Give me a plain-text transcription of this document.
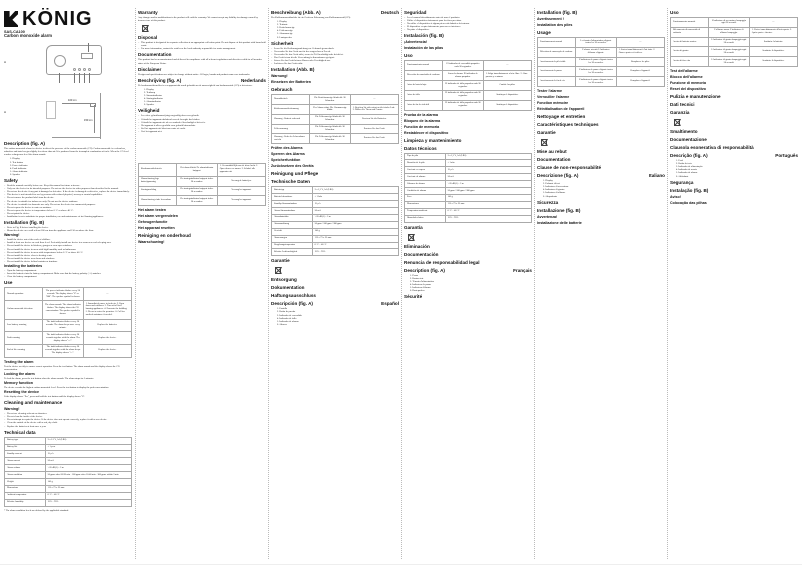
KÖNIG
SAS-CA100
Carbon monoxide alarm
A
A
100 cm
150 cm
Description (fig. A)

This carbon monoxide alarm is a device to detect the presence of the carbon monoxide (CO). Carbon monoxide is a colourless, odourless and tasteless gas slightly less dense than air. It is produced from the incomplete combustion of fuels. When the CO level reaches a dangerous level the alarm sounds.

1. Display
2. Test button
3. Power indicator
4. Fault indicator
5. Alarm indicator
6. Speaker
Safety
– Read the manual carefully before use. Keep this manual for future reference.
– Only use the device for its intended purposes. Do not use the device for other purposes than described in the manual.
– Do not use the device if any part is damaged or defective. If the device is damaged or defective, replace the device immediately.
– This device is not intended for use by persons with reduced physical, sensory or mental capabilities.
– Do not remove the product label from the device.
– The device is suitable for indoor use only. Do not use the device outdoors.
– The device is suitable for domestic use only. Do not use the device for commercial purposes.
– Do not expose the device to water or moisture.
– Do not expose the device to temperatures below 0 °C or above 40 °C.
– Do not paint the device.
– Installation is not a substitute for proper installation, use and maintenance of fuel burning appliances.
Installation (fig. B)
– Refer to Fig. B before installing the device.
– Mount the device on a wall at least 100 cm from the appliance and 150 cm above the floor.
Warning!
– Install the device out of the reach of children.
– Install at least one device on each floor level. Preferably install one device in a room near each sleeping area.
– Do not install the device in kitchens, garages or near open windows.
– Do not install the device in areas with high humidity such as bathrooms.
– Do not install the device in areas with temperatures below 0 °C or above 40 °C.
– Do not install the device close to heating vents.
– Do not install the device near doors and windows.
– Do not install the device behind curtains or furniture.
Installing the batteries
– Open the battery compartment.
– Insert the batteries into the battery compartment. Make sure that the battery polarity (+/-) matches.
– Close the battery compartment.
Use
Normal operation	The power indicator flashes every 30 seconds. The display shows "0" or "000". The speaker symbol is shown.	—
Carbon monoxide detection	The alarm sounds. The alarm indicator flashes. The display shows the CO concentration. The speaker symbol is shown.	1. Immediately move to fresh air. 2. Open doors and windows. 3. Turn off all fuel burning appliances. 4. Evacuate the building. 5. Do not re-enter the premises. 6. Call for medical assistance if needed.
Low battery warning	The fault indicator flashes every 30 seconds. The alarm beeps once every minute.	Replace the batteries.
Fault warning	The fault indicator flashes every 30 seconds together with the alarm. The display shows "---".	Replace the device.
End of life warning	The fault indicator flashes every 30 seconds together with the alarm beeps. The display shows "---".	Replace the device.
Testing the alarm

Test the device weekly to ensure correct operation. Press the test button. The alarm sounds and the display shows the CO concentration.

Locking the alarm

To lock the alarm, press the test button when the alarm sounds. The alarm stops for 5 minutes.

Memory function

The device records the highest carbon monoxide level. Press the test button to display the peak concentration.

Resetting the device

If the display shows "Err", press and hold the test button until the display shows "0".

Cleaning and maintenance
Warning!
– Do not use cleaning solvents or abrasives.
– Do not clean the inside of the device.
– Do not attempt to repair the device. If the device does not operate correctly, replace it with a new device.
– Clean the outside of the device with a soft, dry cloth.
– Replace the batteries at least once a year.
Technical data
Battery type	3 x 1.5 V, AA (LR6)
Battery life	± 1 year
Standby current	15 µA
Alarm current	50 mA
Alarm volume	> 85 dB(A) · 3 m
Alarm condition	50 ppm: after 60-90 min · 100 ppm: after 10-40 min · 300 ppm: within 3 min
Weight	145 g
Dimensions	115 x 73 x 35 mm
Ambient temperature	0 °C – 40 °C
Relative humidity	15% – 95%

* The alarm condition levels are defined by the applicable standard.

Warranty

Any changes and/or modifications to the product will void the warranty. We cannot accept any liability for damage caused by incorrect use of this product.

Disposal
– This product is designated for separate collection at an appropriate collection point. Do not dispose of this product with household waste.
– For more information, contact the retailer or the local authority responsible for waste management.
Documentation

This product has been manufactured and delivered in compliance with all relevant regulations and directives valid for all member states of the European Union.

Disclaimer

Designs and specifications are subject to change without notice. All logos, brands and product names are trademarks.

Beschrijving (fig. A)	Nederlands

De koolmonoxidemelder is een apparaat dat wordt gebruikt om de aanwezigheid van koolmonoxide (CO) te detecteren.

1. Display
2. Testknop
3. Stroomindicator
4. Storingsindicator
5. Alarmindicator
6. Speaker
Veiligheid
– Lees deze gebruiksaanwijzing zorgvuldig door voor gebruik.
– Gebruik het apparaat uitsluitend voor de beoogde doeleinden.
– Gebruik het apparaat niet als een onderdeel beschadigd of defect is.
– Het apparaat is alleen geschikt voor gebruik binnenshuis.
– Stel het apparaat niet bloot aan water of vocht.
– Verf het apparaat niet.
Koolmonoxidedetectie	Het alarm klinkt. De alarmindicator knippert.	1. Ga onmiddellijk naar de frisse lucht. 2. Open deuren en ramen. 3. Schakel alle apparaten uit.
Waarschuwing lage batterijspanning	De storingsindicator knippert iedere 30 seconden.	Vervang de batterijen.
Storingsmelding	De storingsindicator knippert iedere 30 seconden.	Vervang het apparaat.
Waarschuwing einde levensduur	De storingsindicator knippert iedere 30 seconden.	Vervang het apparaat.
Het alarm testen
Het alarm vergrendelen
Geheugenfunctie
Het apparaat resetten
Reiniging en onderhoud
Waarschuwing!
Beschreibung (Abb. A)	Deutsch

Der Kohlenmonoxidmelder ist ein Gerät zur Erkennung von Kohlenmonoxid (CO).

1. Display
2. Testtaste
3. Betriebsanzeige
4. Fehleranzeige
5. Alarmanzeige
6. Lautsprecher
Sicherheit
– Lesen Sie die Bedienungsanleitung vor Gebrauch genau durch.
– Verwenden Sie das Gerät nur für den vorgesehenen Zweck.
– Verwenden Sie das Gerät nicht, wenn ein Teil beschädigt oder defekt ist.
– Das Gerät ist nur für die Verwendung in Innenräumen geeignet.
– Setzen Sie das Gerät keinem Wasser oder Feuchtigkeit aus.
– Lackieren Sie das Gerät nicht.
Installation (Abb. B)
Warnung!
Einsetzen der Batterien
Gebrauch
Normalbetrieb	Die Betriebsanzeige blinkt alle 30 Sekunden.	—
Kohlenmonoxiderkennung	Der Alarm ertönt. Die Alarmanzeige blinkt.	1. Begeben Sie sich sofort an die frische Luft. 2. Öffnen Sie Türen und Fenster.
Warnung - Batterie schwach	Die Fehleranzeige blinkt alle 30 Sekunden.	Ersetzen Sie die Batterien.
Fehlerwarnung	Die Fehleranzeige blinkt alle 30 Sekunden.	Ersetzen Sie das Gerät.
Warnung - Ende der Lebensdauer erreicht	Die Fehleranzeige blinkt alle 30 Sekunden.	Ersetzen Sie das Gerät.
Prüfen des Alarms
Sperren des Alarms
Speicherfunktion
Zurücksetzen des Geräts
Reinigung und Pflege
Technische Daten
Batterietyp	3 x 1,5 V, AA (LR6)
Batterielebensdauer	± 1 Jahr
Standby-Stromaufnahme	15 µA
Alarm-Stromaufnahme	50 mA
Alarmlautstärke	> 85 dB(A) · 3 m
Alarmauslösung	50 ppm / 100 ppm / 300 ppm
Gewicht	145 g
Abmessungen	115 x 73 x 35 mm
Umgebungstemperatur	0 °C – 40 °C
Relative Luftfeuchtigkeit	15% – 95%
Garantie
Entsorgung
Dokumentation
Haftungsausschluss
Descripción (fig. A)	Español
1. Pantalla
2. Botón de prueba
3. Indicador de encendido
4. Indicador de fallo
5. Indicador de alarma
6. Altavoz
Seguridad
– Lea el manual detenidamente antes de usar el producto.
– Utilice el dispositivo únicamente para los fines previstos.
– No utilice el dispositivo si alguna pieza está dañada o defectuosa.
– El dispositivo es apto únicamente para uso en interiores.
– No pinte el dispositivo.
Instalación (fig. B)
¡Advertencia!
Instalación de las pilas
Uso
Funcionamiento normal	El indicador de encendido parpadea cada 30 segundos.	—
Detección de monóxido de carbono	Suena la alarma. El indicador de alarma parpadea.	1. Salga inmediatamente al aire libre. 2. Abra puertas y ventanas.
Aviso de batería baja	El indicador de fallo parpadea cada 30 segundos.	Cambie las pilas.
Aviso de fallo	El indicador de fallo parpadea cada 30 segundos.	Sustituya el dispositivo.
Aviso de fin de vida útil	El indicador de fallo parpadea cada 30 segundos.	Sustituya el dispositivo.
Prueba de la alarma
Bloqueo de la alarma
Función de memoria
Restablecer el dispositivo
Limpieza y mantenimiento
Datos técnicos
Tipo de pila	3 x 1,5 V, AA (LR6)
Duración de la pila	± 1 año
Corriente en espera	15 µA
Corriente de alarma	50 mA
Volumen de alarma	> 85 dB(A) · 3 m
Condición de alarma	50 ppm / 100 ppm / 300 ppm
Peso	145 g
Dimensiones	115 x 73 x 35 mm
Temperatura ambiente	0 °C – 40 °C
Humedad relativa	15% – 95%
Garantía
Eliminación
Documentación
Renuncia de responsabilidad legal
Description (fig. A)	Français
1. Écran
2. Bouton test
3. Témoin d'alimentation
4. Indicateur de panne
5. Indicateur d'alarme
6. Haut-parleur
Sécurité
Installation (fig. B)
Avertissement !
Installation des piles
Usage
Fonctionnement normal	Le témoin d'alimentation clignote toutes les 30 secondes.	—
Détection de monoxyde de carbone	L'alarme retentit. L'indicateur d'alarme clignote.	1. Sortez immédiatement à l'air frais. 2. Ouvrez portes et fenêtres.
Avertissement de pile faible	L'indicateur de panne clignote toutes les 30 secondes.	Remplacez les piles.
Avertissement de panne	L'indicateur de panne clignote toutes les 30 secondes.	Remplacez l'appareil.
Avertissement de fin de vie	L'indicateur de panne clignote toutes les 30 secondes.	Remplacez l'appareil.
Tester l'alarme
Verrouiller l'alarme
Fonction mémoire
Réinitialisation de l'appareil
Nettoyage et entretien
Caractéristiques techniques
Garantie
Mise au rebut
Documentation
Clause de non-responsabilité
Descrizione (fig. A)	Italiano
1. Display
2. Pulsante di test
3. Indicatore di accensione
4. Indicatore di guasto
5. Indicatore di allarme
6. Altoparlante
Sicurezza
Installazione (fig. B)
Avvertenza!
Installazione delle batterie
Uso
Funzionamento normale	L'indicatore di accensione lampeggia ogni 30 secondi.	—
Rilevamento di monossido di carbonio	L'allarme suona. L'indicatore di allarme lampeggia.	1. Uscire immediatamente all'aria aperta. 2. Aprire porte e finestre.
Avviso di batteria scarica	L'indicatore di guasto lampeggia ogni 30 secondi.	Sostituire la batteria.
Avviso di guasto	L'indicatore di guasto lampeggia ogni 30 secondi.	Sostituire il dispositivo.
Avviso di fine vita	L'indicatore di guasto lampeggia ogni 30 secondi.	Sostituire il dispositivo.
Test dell'allarme
Blocco dell'allarme
Funzione di memoria
Reset del dispositivo
Pulizia e manutenzione
Dati tecnici
Garanzia
Smaltimento
Documentazione
Clausola esonerativa di responsabilità
Descrição (fig. A)	Português
1. Ecrã
2. Botão de teste
3. Indicador de alimentação
4. Indicador de avaria
5. Indicador de alarme
6. Altifalante
Segurança
Instalação (fig. B)
Aviso!
Colocação das pilhas
